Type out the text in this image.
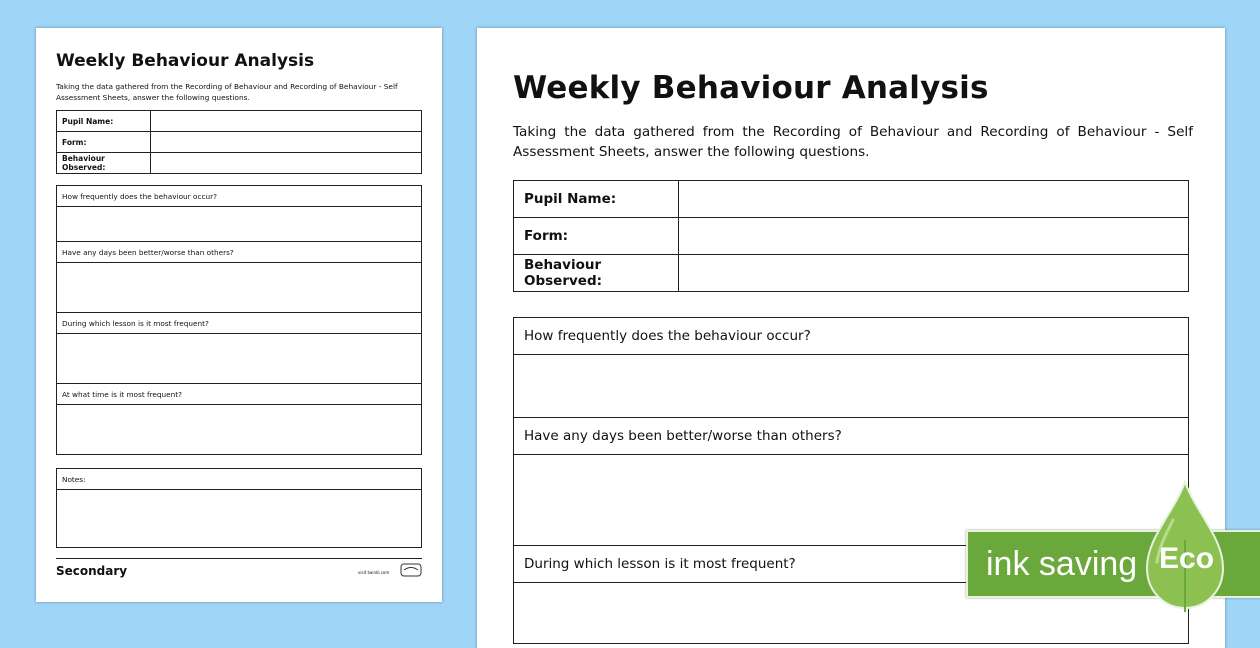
Weekly Behaviour Analysis

Taking the data gathered from the Recording of Behaviour and Recording of Behaviour - Self Assessment Sheets, answer the following questions.

Pupil Name:	
Form:	
Behaviour Observed:	
How frequently does the behaviour occur?

Have any days been better/worse than others?

During which lesson is it most frequent?

At what time is it most frequent?

Notes:

Secondary	visit twinkl.com

Weekly Behaviour Analysis

Taking the data gathered from the Recording of Behaviour and Recording of Behaviour - Self Assessment Sheets, answer the following questions.

Pupil Name:	
Form:	
Behaviour Observed:	
How frequently does the behaviour occur?

Have any days been better/worse than others?

During which lesson is it most frequent?	ink saving Eco
